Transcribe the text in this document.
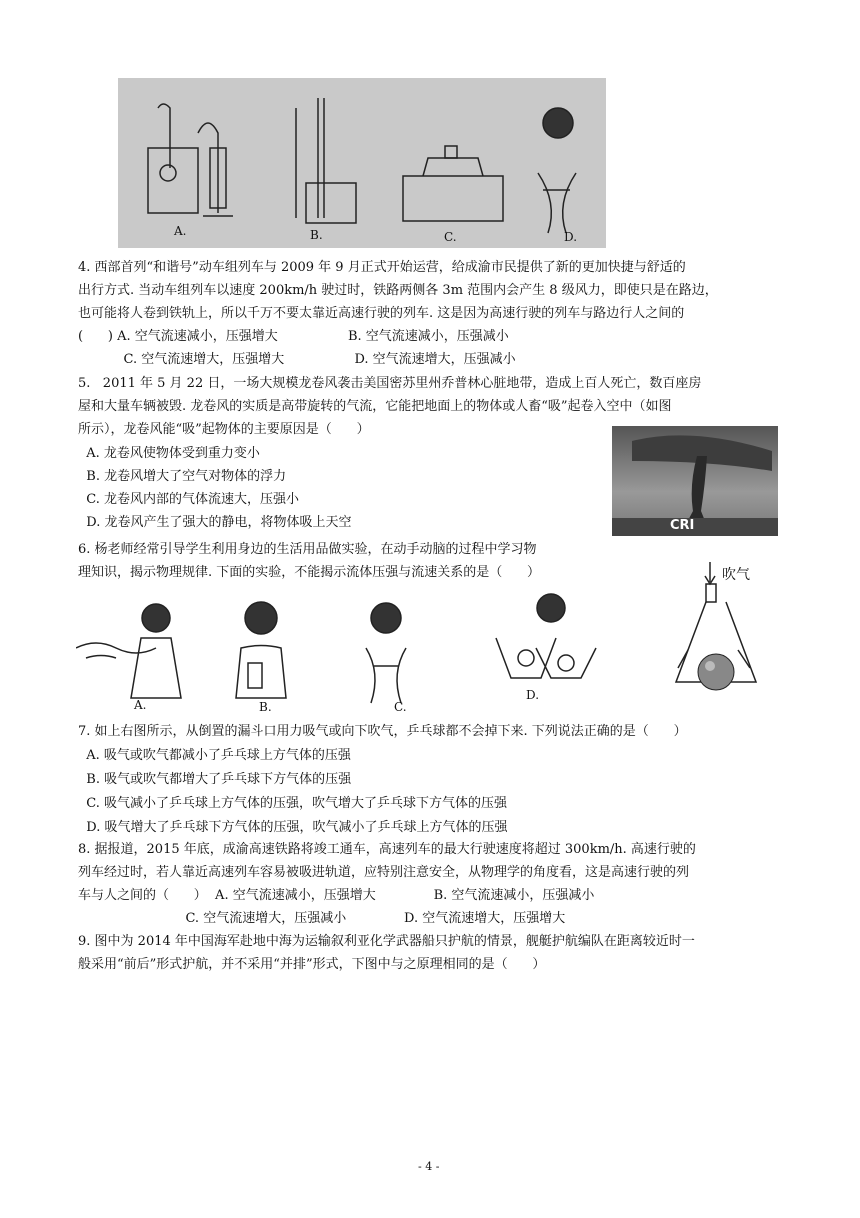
A.	B.	C.	D.
4. 西部首列“和谐号”动车组列车与 2009 年 9 月正式开始运营，给成渝市民提供了新的更加快捷与舒适的
出行方式. 当动车组列车以速度 200km/h 驶过时，铁路两侧各 3m 范围内会产生 8 级风力，即使只是在路边，
也可能将人卷到铁轨上，所以千万不要太靠近高速行驶的列车. 这是因为高速行驶的列车与路边行人之间的
(      ) A. 空气流速减小，压强增大                 B. 空气流速减小，压强减小
C. 空气流速增大，压强增大                 D. 空气流速增大，压强减小
5.   2011 年 5 月 22 日，一场大规模龙卷风袭击美国密苏里州乔普林心脏地带，造成上百人死亡，数百座房
屋和大量车辆被毁. 龙卷风的实质是高带旋转的气流，它能把地面上的物体或人畜“吸”起卷入空中（如图
所示），龙卷风能“吸”起物体的主要原因是（      ）
A. 龙卷风使物体受到重力变小
B. 龙卷风增大了空气对物体的浮力
C. 龙卷风内部的气体流速大，压强小
D. 龙卷风产生了强大的静电，将物体吸上天空	CRI
6. 杨老师经常引导学生利用身边的生活用品做实验，在动手动脑的过程中学习物
理知识，揭示物理规律. 下面的实验，不能揭示流体压强与流速关系的是（      ）
A.	B.	C.
D.
吹气
7. 如上右图所示，从倒置的漏斗口用力吸气或向下吹气，乒乓球都不会掉下来. 下列说法正确的是（      ）
A. 吸气或吹气都减小了乒乓球上方气体的压强
B. 吸气或吹气都增大了乒乓球下方气体的压强
C. 吸气减小了乒乓球上方气体的压强，吹气增大了乒乓球下方气体的压强
D. 吸气增大了乒乓球下方气体的压强，吹气减小了乒乓球上方气体的压强
8. 据报道，2015 年底，成渝高速铁路将竣工通车，高速列车的最大行驶速度将超过 300km/h. 高速行驶的
列车经过时，若人靠近高速列车容易被吸进轨道，应特别注意安全，从物理学的角度看，这是高速行驶的列
车与人之间的（      ）  A. 空气流速减小，压强增大              B. 空气流速减小，压强减小
C. 空气流速增大，压强减小              D. 空气流速增大，压强增大
9. 图中为 2014 年中国海军赴地中海为运输叙利亚化学武器船只护航的情景，舰艇护航编队在距离较近时一
般采用“前后”形式护航，并不采用“并排”形式，下图中与之原理相同的是（      ）
- 4 -
